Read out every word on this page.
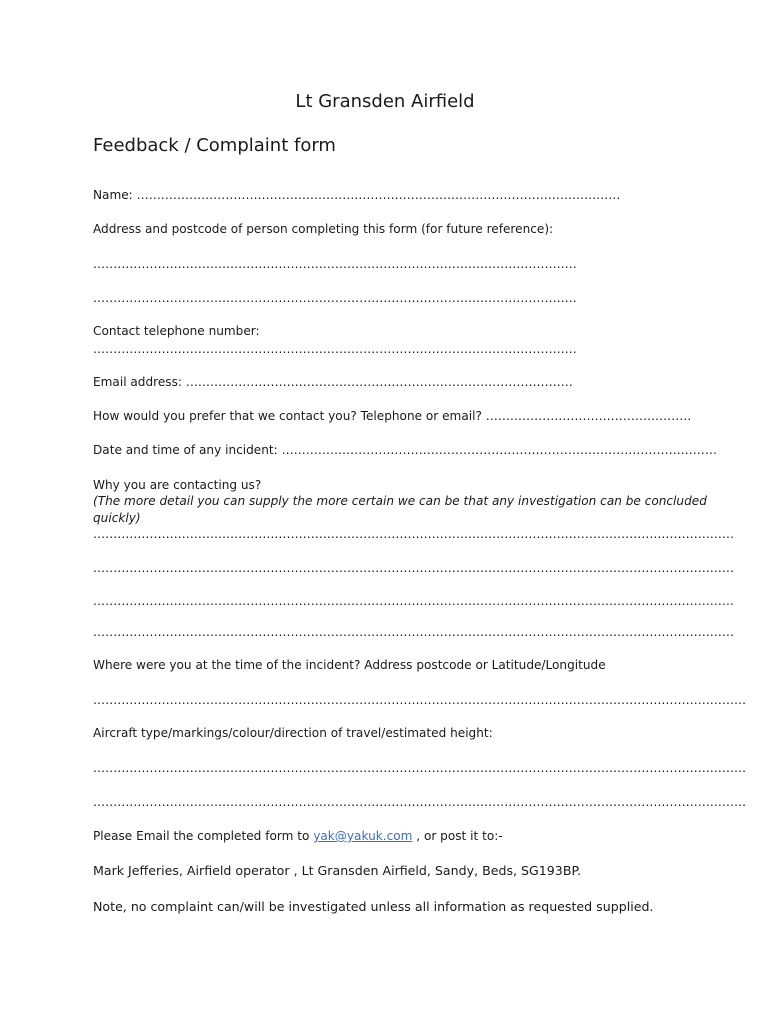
Lt Gransden Airfield
Feedback / Complaint form
Name: …………………………………………………………………………………………………………
Address and postcode of person completing this form (for future reference):
…………………………………………………………………………………………………………
…………………………………………………………………………………………………………
Contact telephone number:
…………………………………………………………………………………………………………
Email address: ……………………………………………………………………………………
How would you prefer that we contact you? Telephone or email? ……………………………………………
Date and time of any incident: ………………………………………………………………………………………………
Why you are contacting us?
(The more detail you can supply the more certain we can be that any investigation can be concluded
quickly)
……………………………………………………………………………………………………………………………………………
……………………………………………………………………………………………………………………………………………
……………………………………………………………………………………………………………………………………………
……………………………………………………………………………………………………………………………………………
Where were you at the time of the incident? Address postcode or Latitude/Longitude
………………………………………………………………………………………………………………………………………………
Aircraft type/markings/colour/direction of travel/estimated height:
………………………………………………………………………………………………………………………………………………
………………………………………………………………………………………………………………………………………………
Please Email the completed form to yak@yakuk.com , or post it to:-
Mark Jefferies, Airfield operator , Lt Gransden Airfield, Sandy, Beds, SG193BP.
Note, no complaint can/will be investigated unless all information as requested supplied.
